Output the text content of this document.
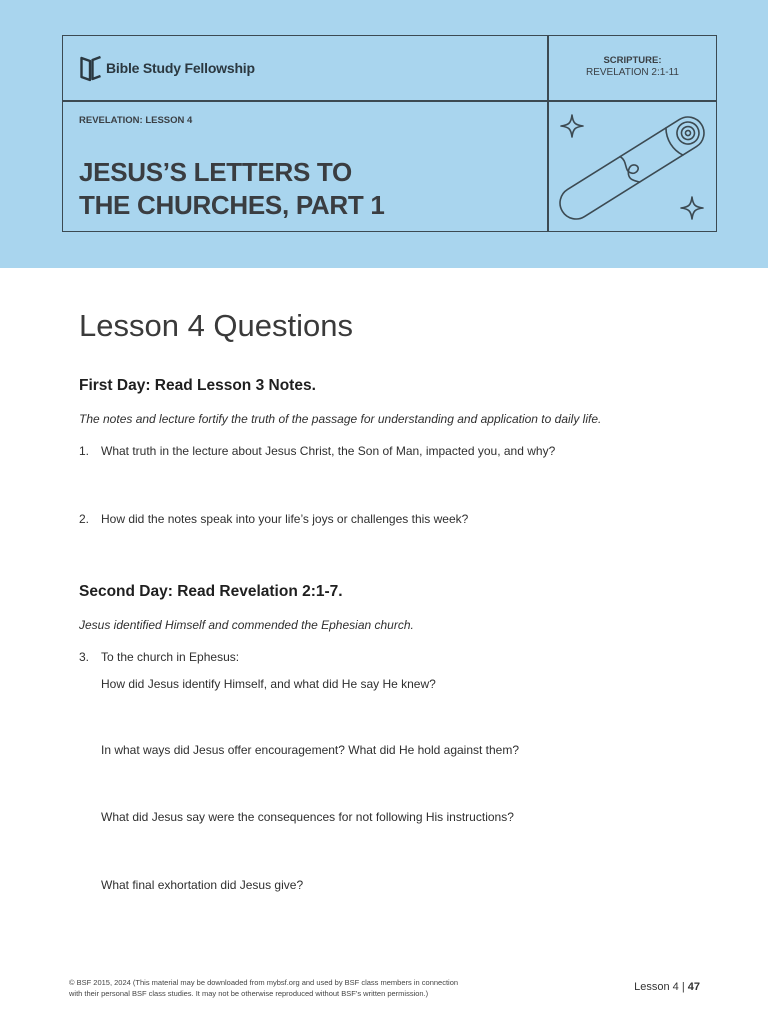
Bible Study Fellowship	SCRIPTURE:
REVELATION 2:1-11
REVELATION: LESSON 4
JESUS’S LETTERS TO
THE CHURCHES, PART 1
Lesson 4 Questions
First Day: Read Lesson 3 Notes.
The notes and lecture fortify the truth of the passage for understanding and application to daily life.
1. What truth in the lecture about Jesus Christ, the Son of Man, impacted you, and why?
2. How did the notes speak into your life’s joys or challenges this week?
Second Day: Read Revelation 2:1-7.
Jesus identified Himself and commended the Ephesian church.
3. To the church in Ephesus:
How did Jesus identify Himself, and what did He say He knew?
In what ways did Jesus offer encouragement? What did He hold against them?
What did Jesus say were the consequences for not following His instructions?
What final exhortation did Jesus give?
© BSF 2015, 2024 (This material may be downloaded from mybsf.org and used by BSF class members in connection
with their personal BSF class studies. It may not be otherwise reproduced without BSF’s written permission.)
Lesson 4 | 47
